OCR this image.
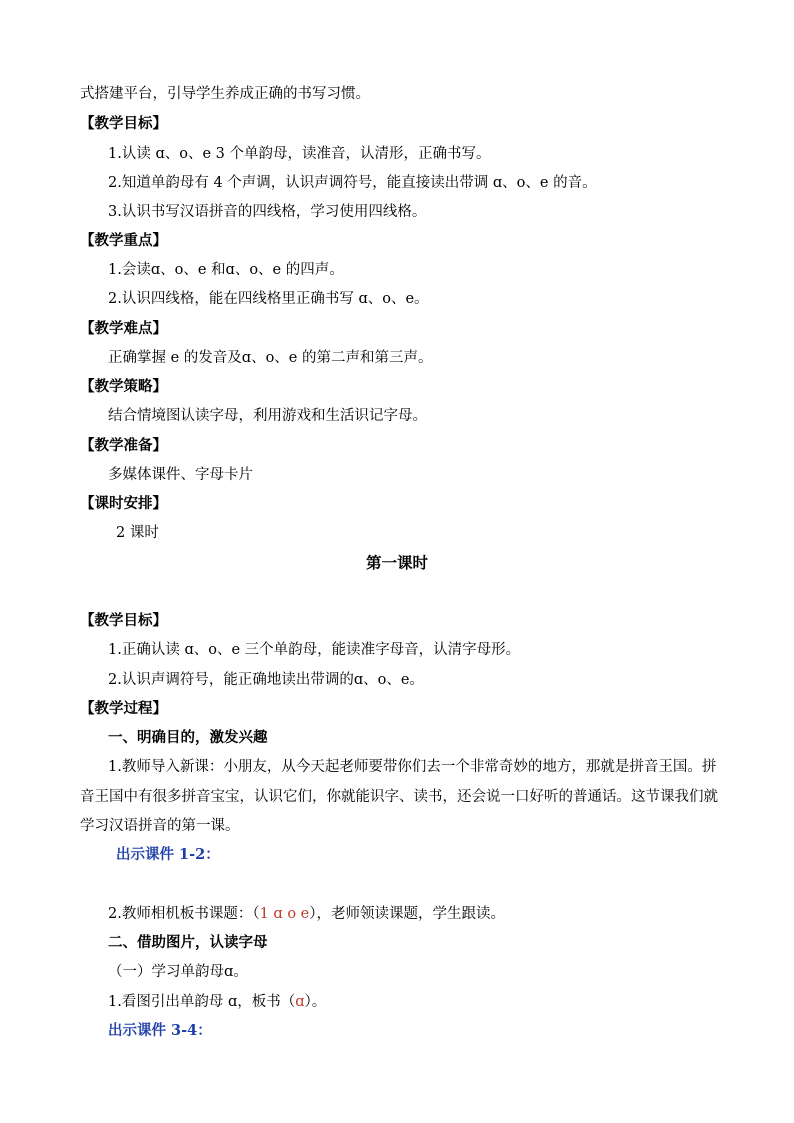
式搭建平台，引导学生养成正确的书写习惯。
【教学目标】
1.认读 ɑ、o、e 3 个单韵母，读准音，认清形，正确书写。
2.知道单韵母有 4 个声调，认识声调符号，能直接读出带调 ɑ、o、e 的音。
3.认识书写汉语拼音的四线格，学习使用四线格。
【教学重点】
1.会读ɑ、o、e 和ɑ、o、e 的四声。
2.认识四线格，能在四线格里正确书写 ɑ、o、e。
【教学难点】
正确掌握 e 的发音及ɑ、o、e 的第二声和第三声。
【教学策略】
结合情境图认读字母，利用游戏和生活识记字母。
【教学准备】
多媒体课件、字母卡片
【课时安排】
2 课时
第一课时
【教学目标】
1.正确认读 ɑ、o、e 三个单韵母，能读准字母音，认清字母形。
2.认识声调符号，能正确地读出带调的ɑ、o、e。
【教学过程】
一、明确目的，激发兴趣
1.教师导入新课：小朋友，从今天起老师要带你们去一个非常奇妙的地方，那就是拼音王国。拼音王国中有很多拼音宝宝，认识它们，你就能识字、读书，还会说一口好听的普通话。这节课我们就学习汉语拼音的第一课。
出示课件 1-2：
2.教师相机板书课题：（1 ɑ o e），老师领读课题，学生跟读。
二、借助图片，认读字母
（一）学习单韵母ɑ。
1.看图引出单韵母 ɑ，板书（ɑ）。
出示课件 3-4：
